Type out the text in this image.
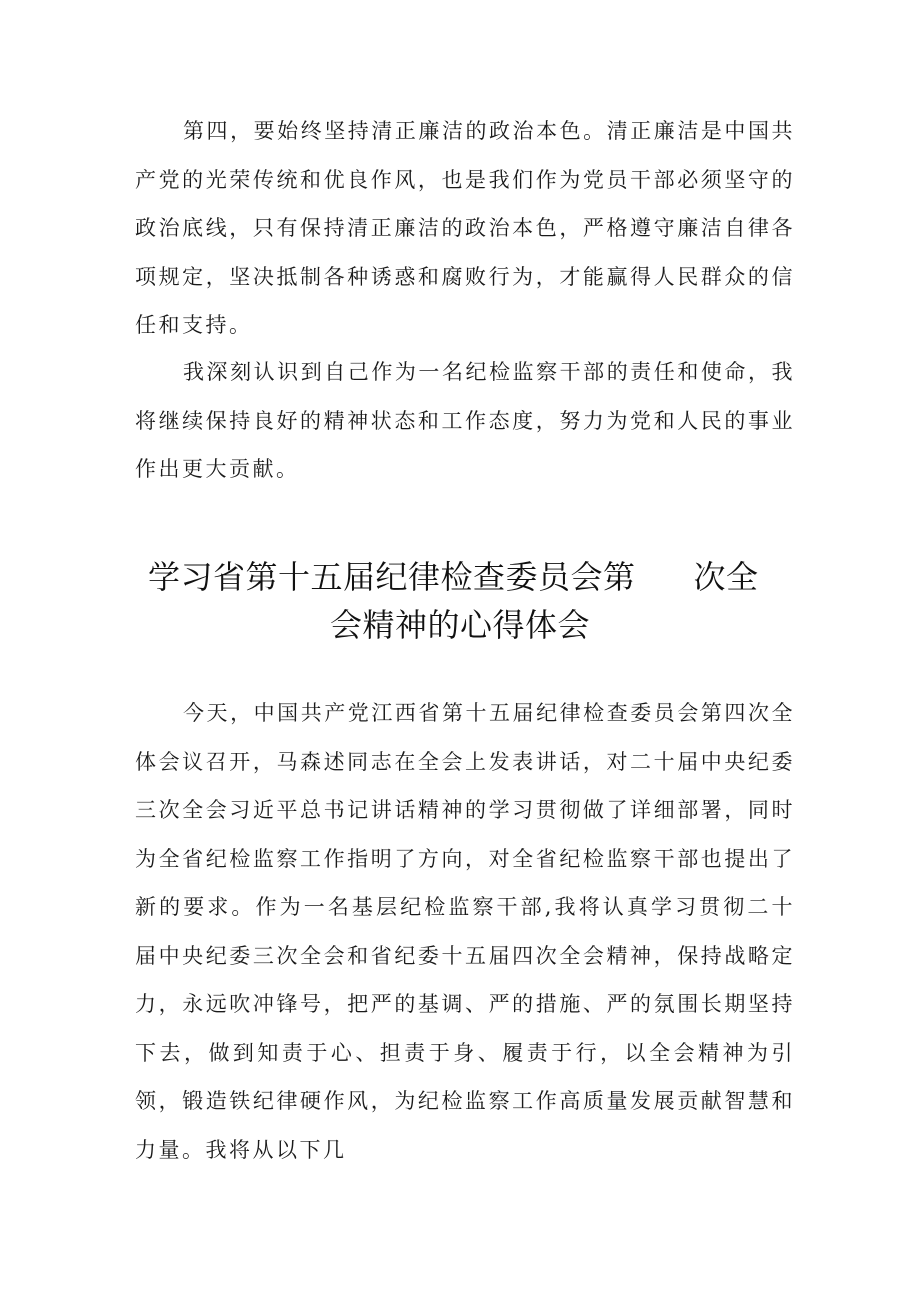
第四，要始终坚持清正廉洁的政治本色。清正廉洁是中国共产党的光荣传统和优良作风，也是我们作为党员干部必须坚守的政治底线，只有保持清正廉洁的政治本色，严格遵守廉洁自律各项规定，坚决抵制各种诱惑和腐败行为，才能赢得人民群众的信任和支持。

我深刻认识到自己作为一名纪检监察干部的责任和使命，我将继续保持良好的精神状态和工作态度，努力为党和人民的事业作出更大贡献。

学习省第十五届纪律检查委员会第 次全
会精神的心得体会

今天，中国共产党江西省第十五届纪律检查委员会第四次全体会议召开，马森述同志在全会上发表讲话，对二十届中央纪委三次全会习近平总书记讲话精神的学习贯彻做了详细部署，同时为全省纪检监察工作指明了方向，对全省纪检监察干部也提出了新的要求。作为一名基层纪检监察干部,我将认真学习贯彻二十届中央纪委三次全会和省纪委十五届四次全会精神，保持战略定力，永远吹冲锋号，把严的基调、严的措施、严的氛围长期坚持下去，做到知责于心、担责于身、履责于行，以全会精神为引领，锻造铁纪律硬作风，为纪检监察工作高质量发展贡献智慧和力量。我将从以下几
